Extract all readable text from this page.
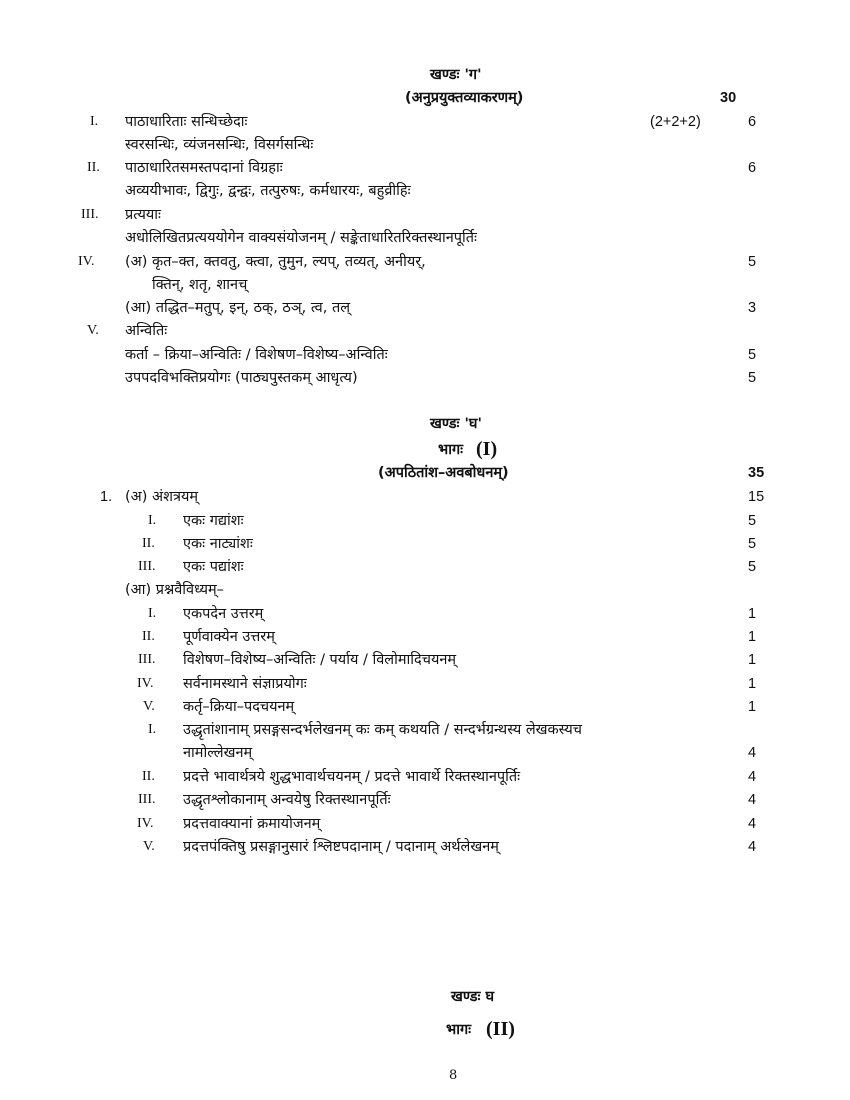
खण्डः 'ग'
(अनुप्रयुक्तव्याकरणम्)	30
I. पाठाधारिताः सन्धिच्छेदाः	(2+2+2)	6
स्वरसन्धिः, व्यंजनसन्धिः, विसर्गसन्धिः
II. पाठाधारितसमस्तपदानां विग्रहाः	6
अव्ययीभावः, द्विगुः, द्वन्द्वः, तत्पुरुषः, कर्मधारयः, बहुव्रीहिः
III. प्रत्ययाः
अधोलिखितप्रत्यययोगेन वाक्यसंयोजनम् / सङ्केताधारितरिक्तस्थानपूर्तिः
IV. (अ) कृत–क्त, क्तवतु, क्त्वा, तुमुन, ल्यप्, तव्यत्, अनीयर्,	5
क्तिन्, शतृ, शानच्
(आ) तद्धित–मतुप्, इन्, ठक्, ठञ्, त्व, तल्	3
V. अन्वितिः
कर्ता – क्रिया–अन्वितिः / विशेषण–विशेष्य–अन्वितिः	5
उपपदविभक्तिप्रयोगः (पाठ्यपुस्तकम् आधृत्य)	5
खण्डः 'घ'
भागः (I)
(अपठितांश–अवबोधनम्)	35
1. (अ) अंशत्रयम्	15
I. एकः गद्यांशः	5
II. एकः नाट्यांशः	5
III. एकः पद्यांशः	5
(आ) प्रश्नवैविध्यम्–
I. एकपदेन उत्तरम्	1
II. पूर्णवाक्येन उत्तरम्	1
III. विशेषण–विशेष्य–अन्वितिः / पर्याय / विलोमादिचयनम्	1
IV. सर्वनामस्थाने संज्ञाप्रयोगः	1
V. कर्तृ–क्रिया–पदचयनम्	1
I. उद्धृतांशानाम् प्रसङ्गसन्दर्भलेखनम् कः कम् कथयति / सन्दर्भग्रन्थस्य लेखकस्यच
नामोल्लेखनम्	4
II. प्रदत्ते भावार्थत्रये शुद्धभावार्थचयनम् / प्रदत्ते भावार्थे रिक्तस्थानपूर्तिः	4
III. उद्धृतश्लोकानाम् अन्वयेषु रिक्तस्थानपूर्तिः	4
IV. प्रदत्तवाक्यानां क्रमायोजनम्	4
V. प्रदत्तपंक्तिषु प्रसङ्गानुसारं श्लिष्टपदानाम् / पदानाम् अर्थलेखनम्	4
खण्डः घ
भागः (II)
8
